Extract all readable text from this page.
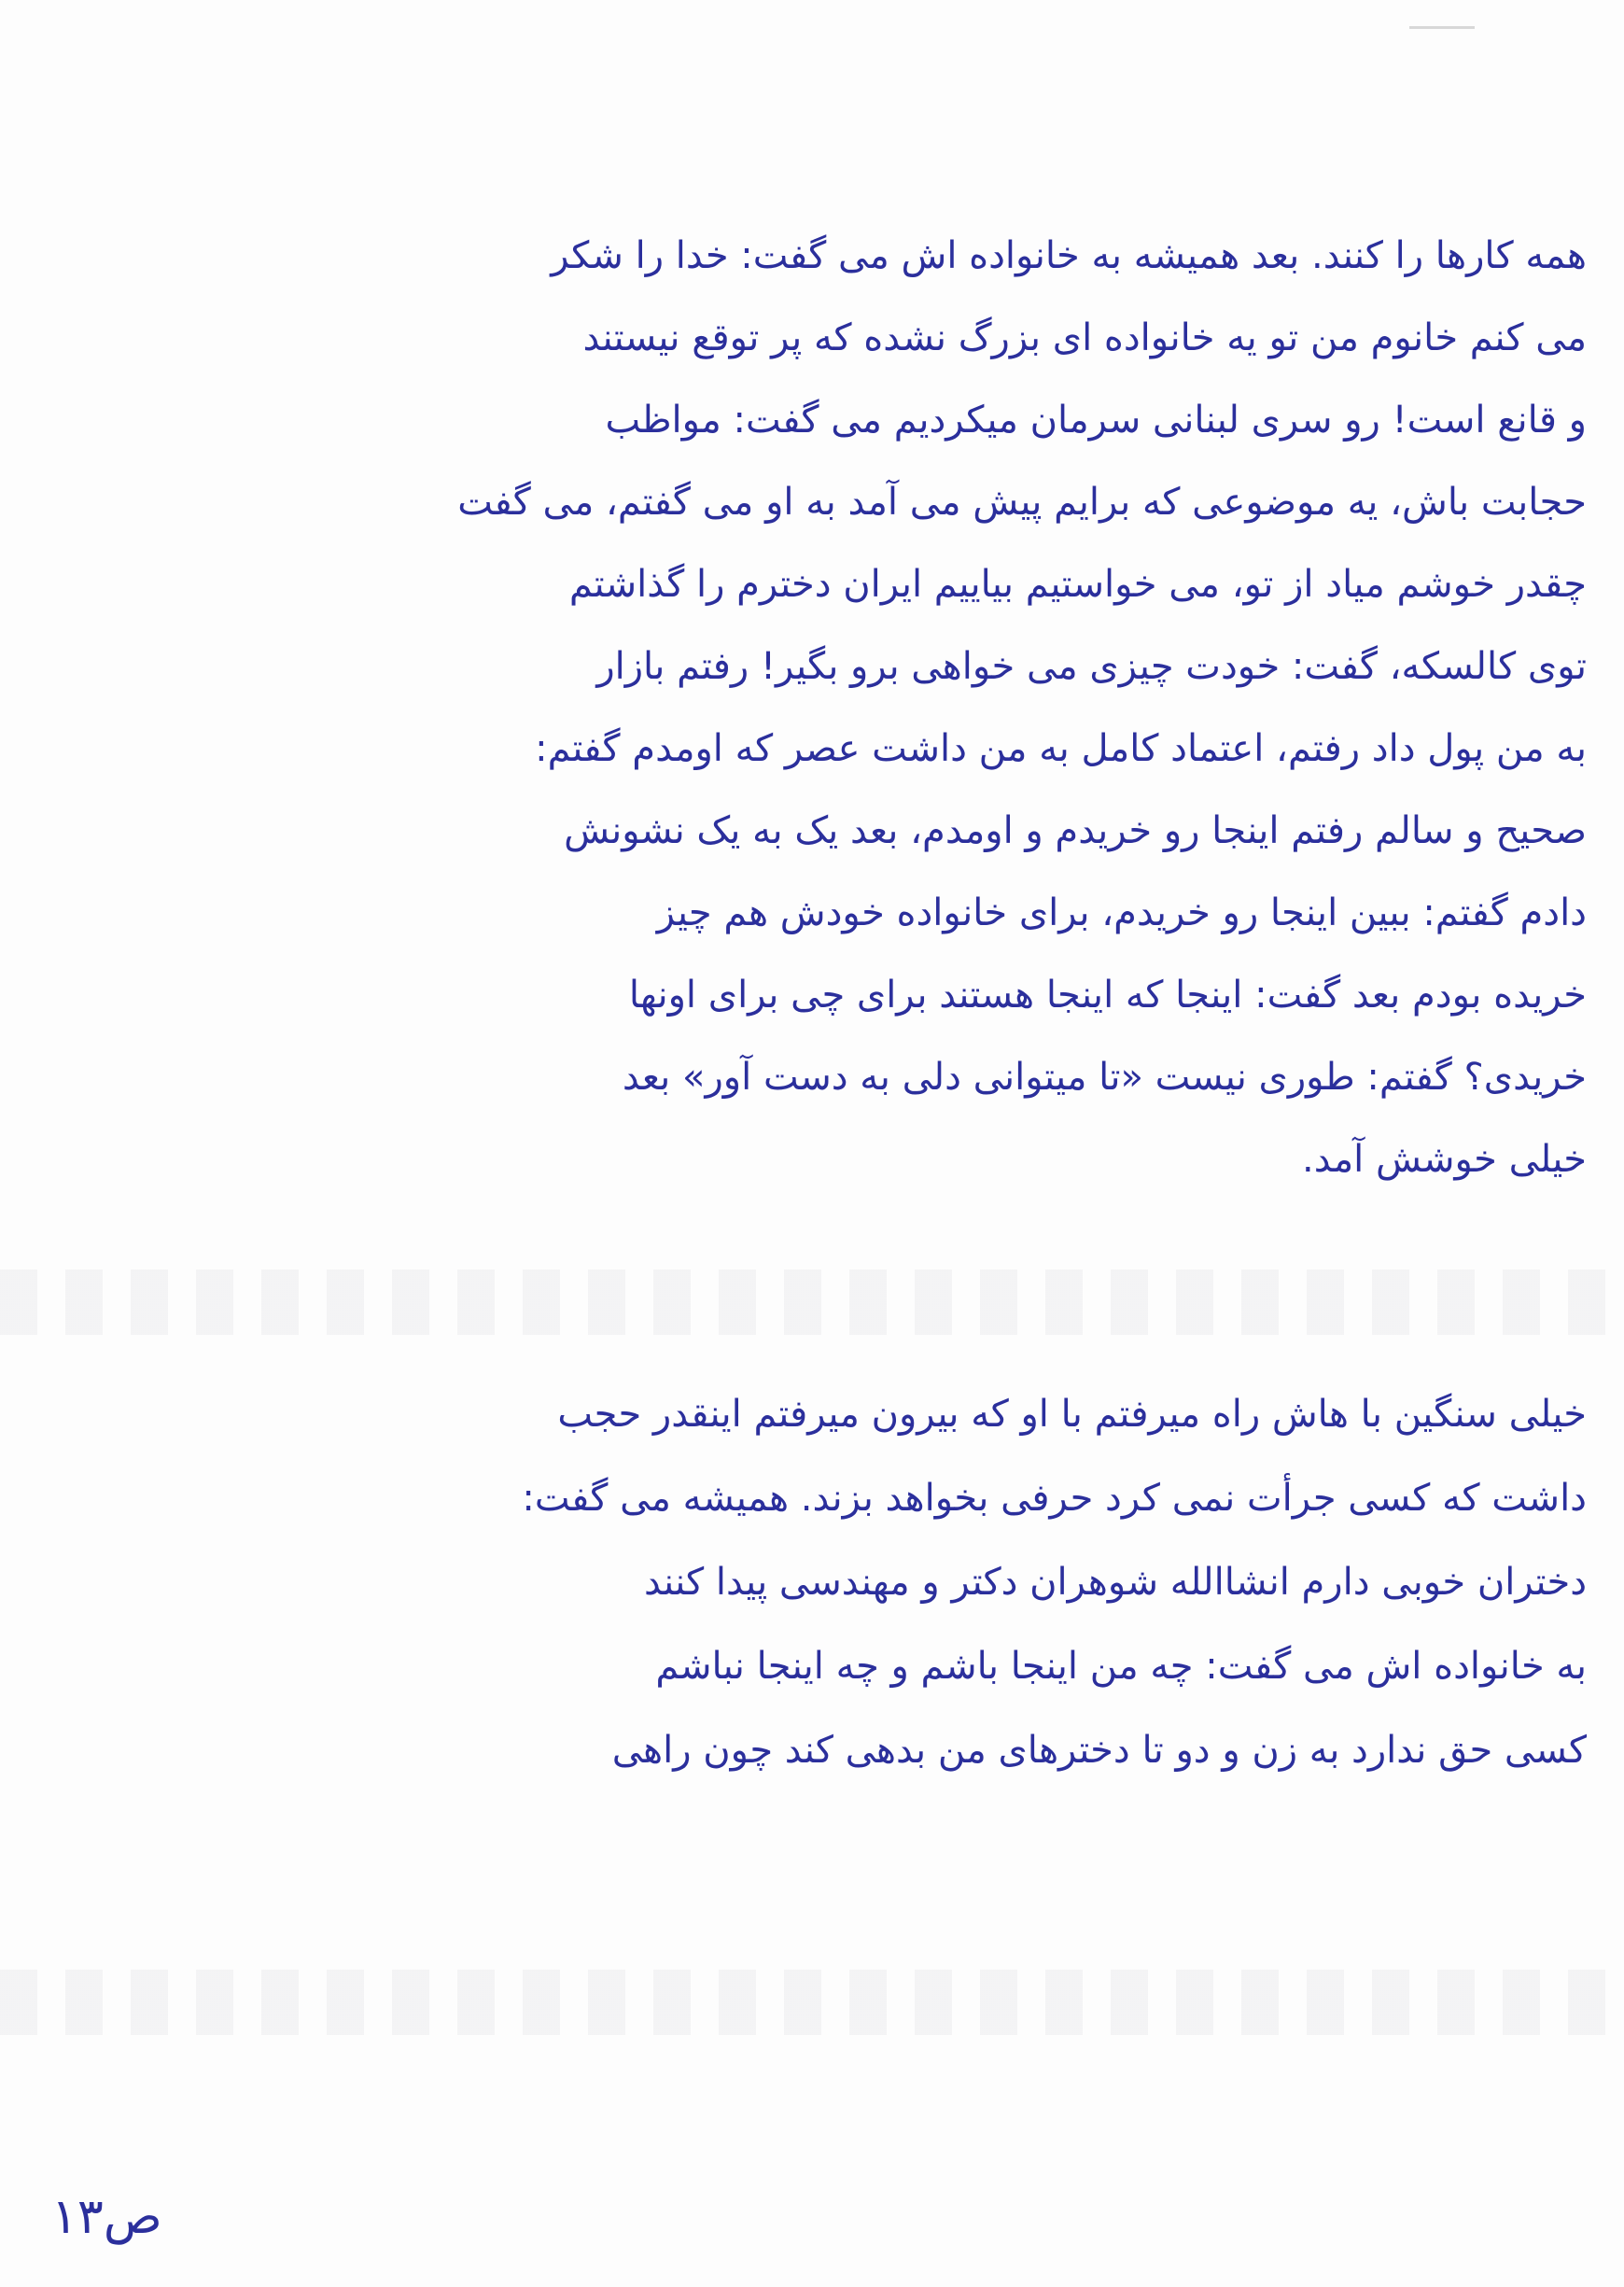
همه کارها را کنند. بعد همیشه به خانواده اش می گفت: خدا را شکر
می کنم خانوم من تو یه خانواده ای بزرگ نشده که پر توقع نیستند
و قانع است! رو سری لبنانی سرمان میکردیم می گفت: مواظب
حجابت باش، یه موضوعی که برایم پیش می آمد به او می گفتم، می گفت
چقدر خوشم میاد از تو، می خواستیم بیاییم ایران دخترم را گذاشتم
توی کالسکه، گفت: خودت چیزی می خواهی برو بگیر! رفتم بازار
به من پول داد رفتم، اعتماد کامل به من داشت عصر که اومدم گفتم:
صحیح و سالم رفتم اینجا رو خریدم و اومدم، بعد یک به یک نشونش
دادم گفتم: ببین اینجا رو خریدم، برای خانواده خودش هم چیز
خریده بودم بعد گفت: اینجا که اینجا هستند برای چی برای اونها
خریدی؟ گفتم: طوری نیست «تا میتوانی دلی به دست آور» بعد
خیلی خوشش آمد.
خیلی سنگین با هاش راه میرفتم با او که بیرون میرفتم اینقدر حجب
داشت که کسی جرأت نمی کرد حرفی بخواهد بزند. همیشه می گفت:
دختران خوبی دارم انشاالله شوهران دکتر و مهندسی پیدا کنند
به خانواده اش می گفت: چه من اینجا باشم و چه اینجا نباشم
کسی حق ندارد به زن و دو تا دخترهای من بدهی کند چون راهی
ص۱۳
